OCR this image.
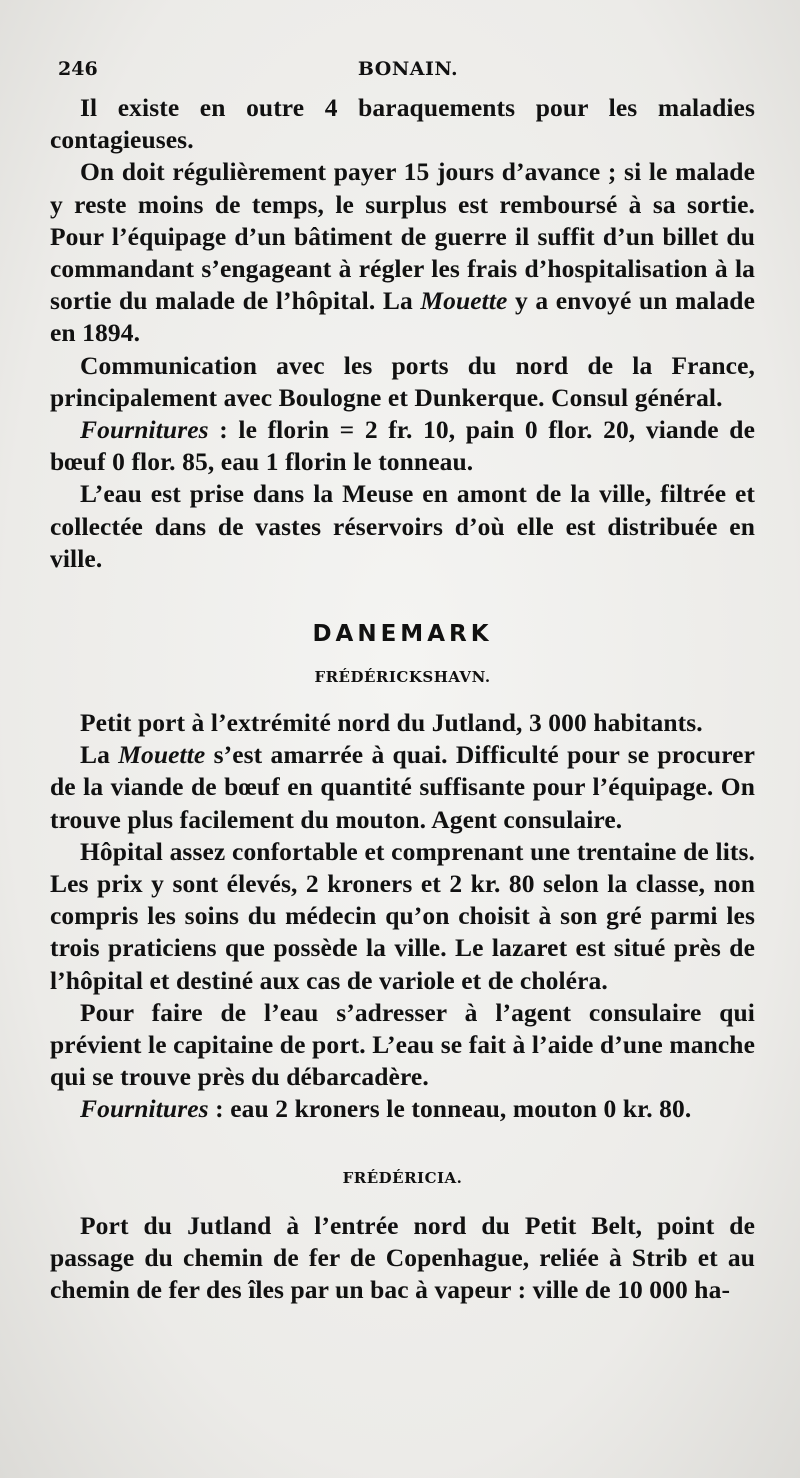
246	BONAIN.

Il existe en outre 4 baraquements pour les maladies contagieuses.

On doit régulièrement payer 15 jours d’avance ; si le malade y reste moins de temps, le surplus est remboursé à sa sortie. Pour l’équipage d’un bâtiment de guerre il suffit d’un billet du commandant s’engageant à régler les frais d’hospitalisation à la sortie du malade de l’hôpital. La Mouette y a envoyé un malade en 1894.

Communication avec les ports du nord de la France, principalement avec Boulogne et Dunkerque. Consul général.

Fournitures : le florin = 2 fr. 10, pain 0 flor. 20, viande de bœuf 0 flor. 85, eau 1 florin le tonneau.

L’eau est prise dans la Meuse en amont de la ville, filtrée et collectée dans de vastes réservoirs d’où elle est distribuée en ville.

DANEMARK
FRÉDÉRICKSHAVN.

Petit port à l’extrémité nord du Jutland, 3 000 habitants.

La Mouette s’est amarrée à quai. Difficulté pour se procurer de la viande de bœuf en quantité suffisante pour l’équipage. On trouve plus facilement du mouton. Agent consulaire.

Hôpital assez confortable et comprenant une trentaine de lits. Les prix y sont élevés, 2 kroners et 2 kr. 80 selon la classe, non compris les soins du médecin qu’on choisit à son gré parmi les trois praticiens que possède la ville. Le lazaret est situé près de l’hôpital et destiné aux cas de variole et de choléra.

Pour faire de l’eau s’adresser à l’agent consulaire qui prévient le capitaine de port. L’eau se fait à l’aide d’une manche qui se trouve près du débarcadère.

Fournitures : eau 2 kroners le tonneau, mouton 0 kr. 80.

FRÉDÉRICIA.

Port du Jutland à l’entrée nord du Petit Belt, point de passage du chemin de fer de Copenhague, reliée à Strib et au chemin de fer des îles par un bac à vapeur : ville de 10 000 ha-
